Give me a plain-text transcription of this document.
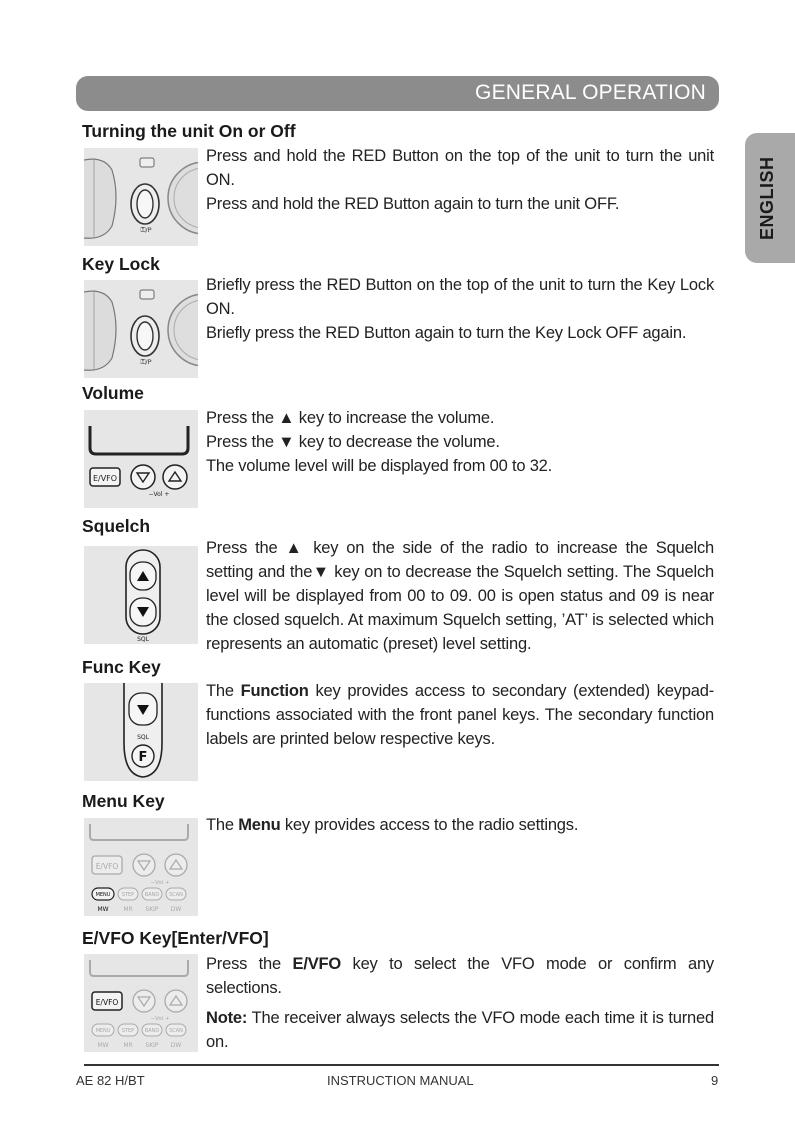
GENERAL OPERATION
ENGLISH
Turning the unit On or Off
⚿/P

Press and hold the RED Button on the top of the unit to turn the unit ON.

Press and hold the RED Button again to turn the unit OFF.

Key Lock
⚿/P

Briefly press the RED Button on the top of the unit to turn the Key Lock ON.

Briefly press the RED Button again to turn the Key Lock OFF again.

Volume
E/VFO
−Vol +

Press the ▲ key to increase the volume.

Press the ▼ key to decrease the volume.

The volume level will be displayed from 00 to 32.

Squelch
SQL
Press the ▲ key on the side of the radio to increase the Squelch setting and the▼ key on to decrease the Squelch setting. The Squelch level will be displayed from 00 to 09. 00 is open status and 09 is near the closed squelch. At maximum Squelch setting, ’AT’ is selected which represents an automatic (preset) level setting.
Func Key
SQL
F
The Function key provides access to secondary (extended) keypad-functions associated with the front panel keys. The secondary function labels are printed below respective keys.
Menu Key
E/VFO
−Vol +
MENU STEP BAND SCAN
MW MR SKIP DW
The Menu key provides access to the radio settings.
E/VFO Key[Enter/VFO]
E/VFO
−Vol +
MENU STEP BAND SCAN
MW MR SKIP DW

Press the E/VFO key to select the VFO mode or confirm any selections.

Note: The receiver always selects the VFO mode each time it is turned on.

AE 82 H/BT	INSTRUCTION MANUAL	9
